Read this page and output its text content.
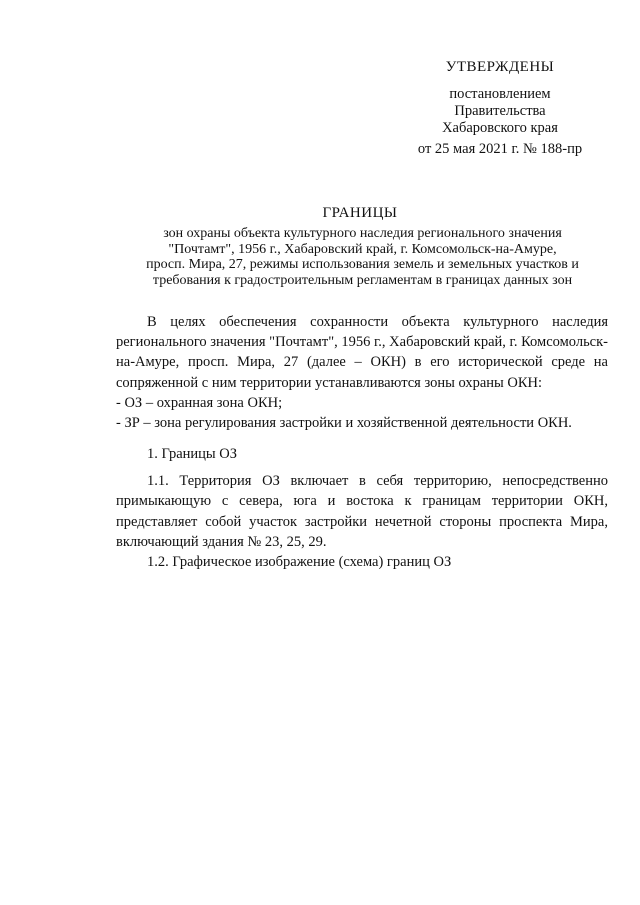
УТВЕРЖДЕНЫ
постановлением
Правительства
Хабаровского края
от 25 мая 2021 г. № 188-пр
ГРАНИЦЫ
зон охраны объекта культурного наследия регионального значения
"Почтамт", 1956 г., Хабаровский край, г. Комсомольск-на-Амуре,
просп. Мира, 27, режимы использования земель и земельных участков и
требования к градостроительным регламентам в границах данных зон

В целях обеспечения сохранности объекта культурного наследия регионального значения "Почтамт", 1956 г., Хабаровский край, г. Комсомольск-на-Амуре, просп. Мира, 27 (далее – ОКН) в его исторической среде на сопряженной с ним территории устанавливаются зоны охраны ОКН:

- ОЗ – охранная зона ОКН;

- ЗР – зона регулирования застройки и хозяйственной деятельности ОКН.

1. Границы ОЗ

1.1. Территория ОЗ включает в себя территорию, непосредственно примыкающую с севера, юга и востока к границам территории ОКН, представляет собой участок застройки нечетной стороны проспекта Мира, включающий здания № 23, 25, 29.

1.2. Графическое изображение (схема) границ ОЗ
